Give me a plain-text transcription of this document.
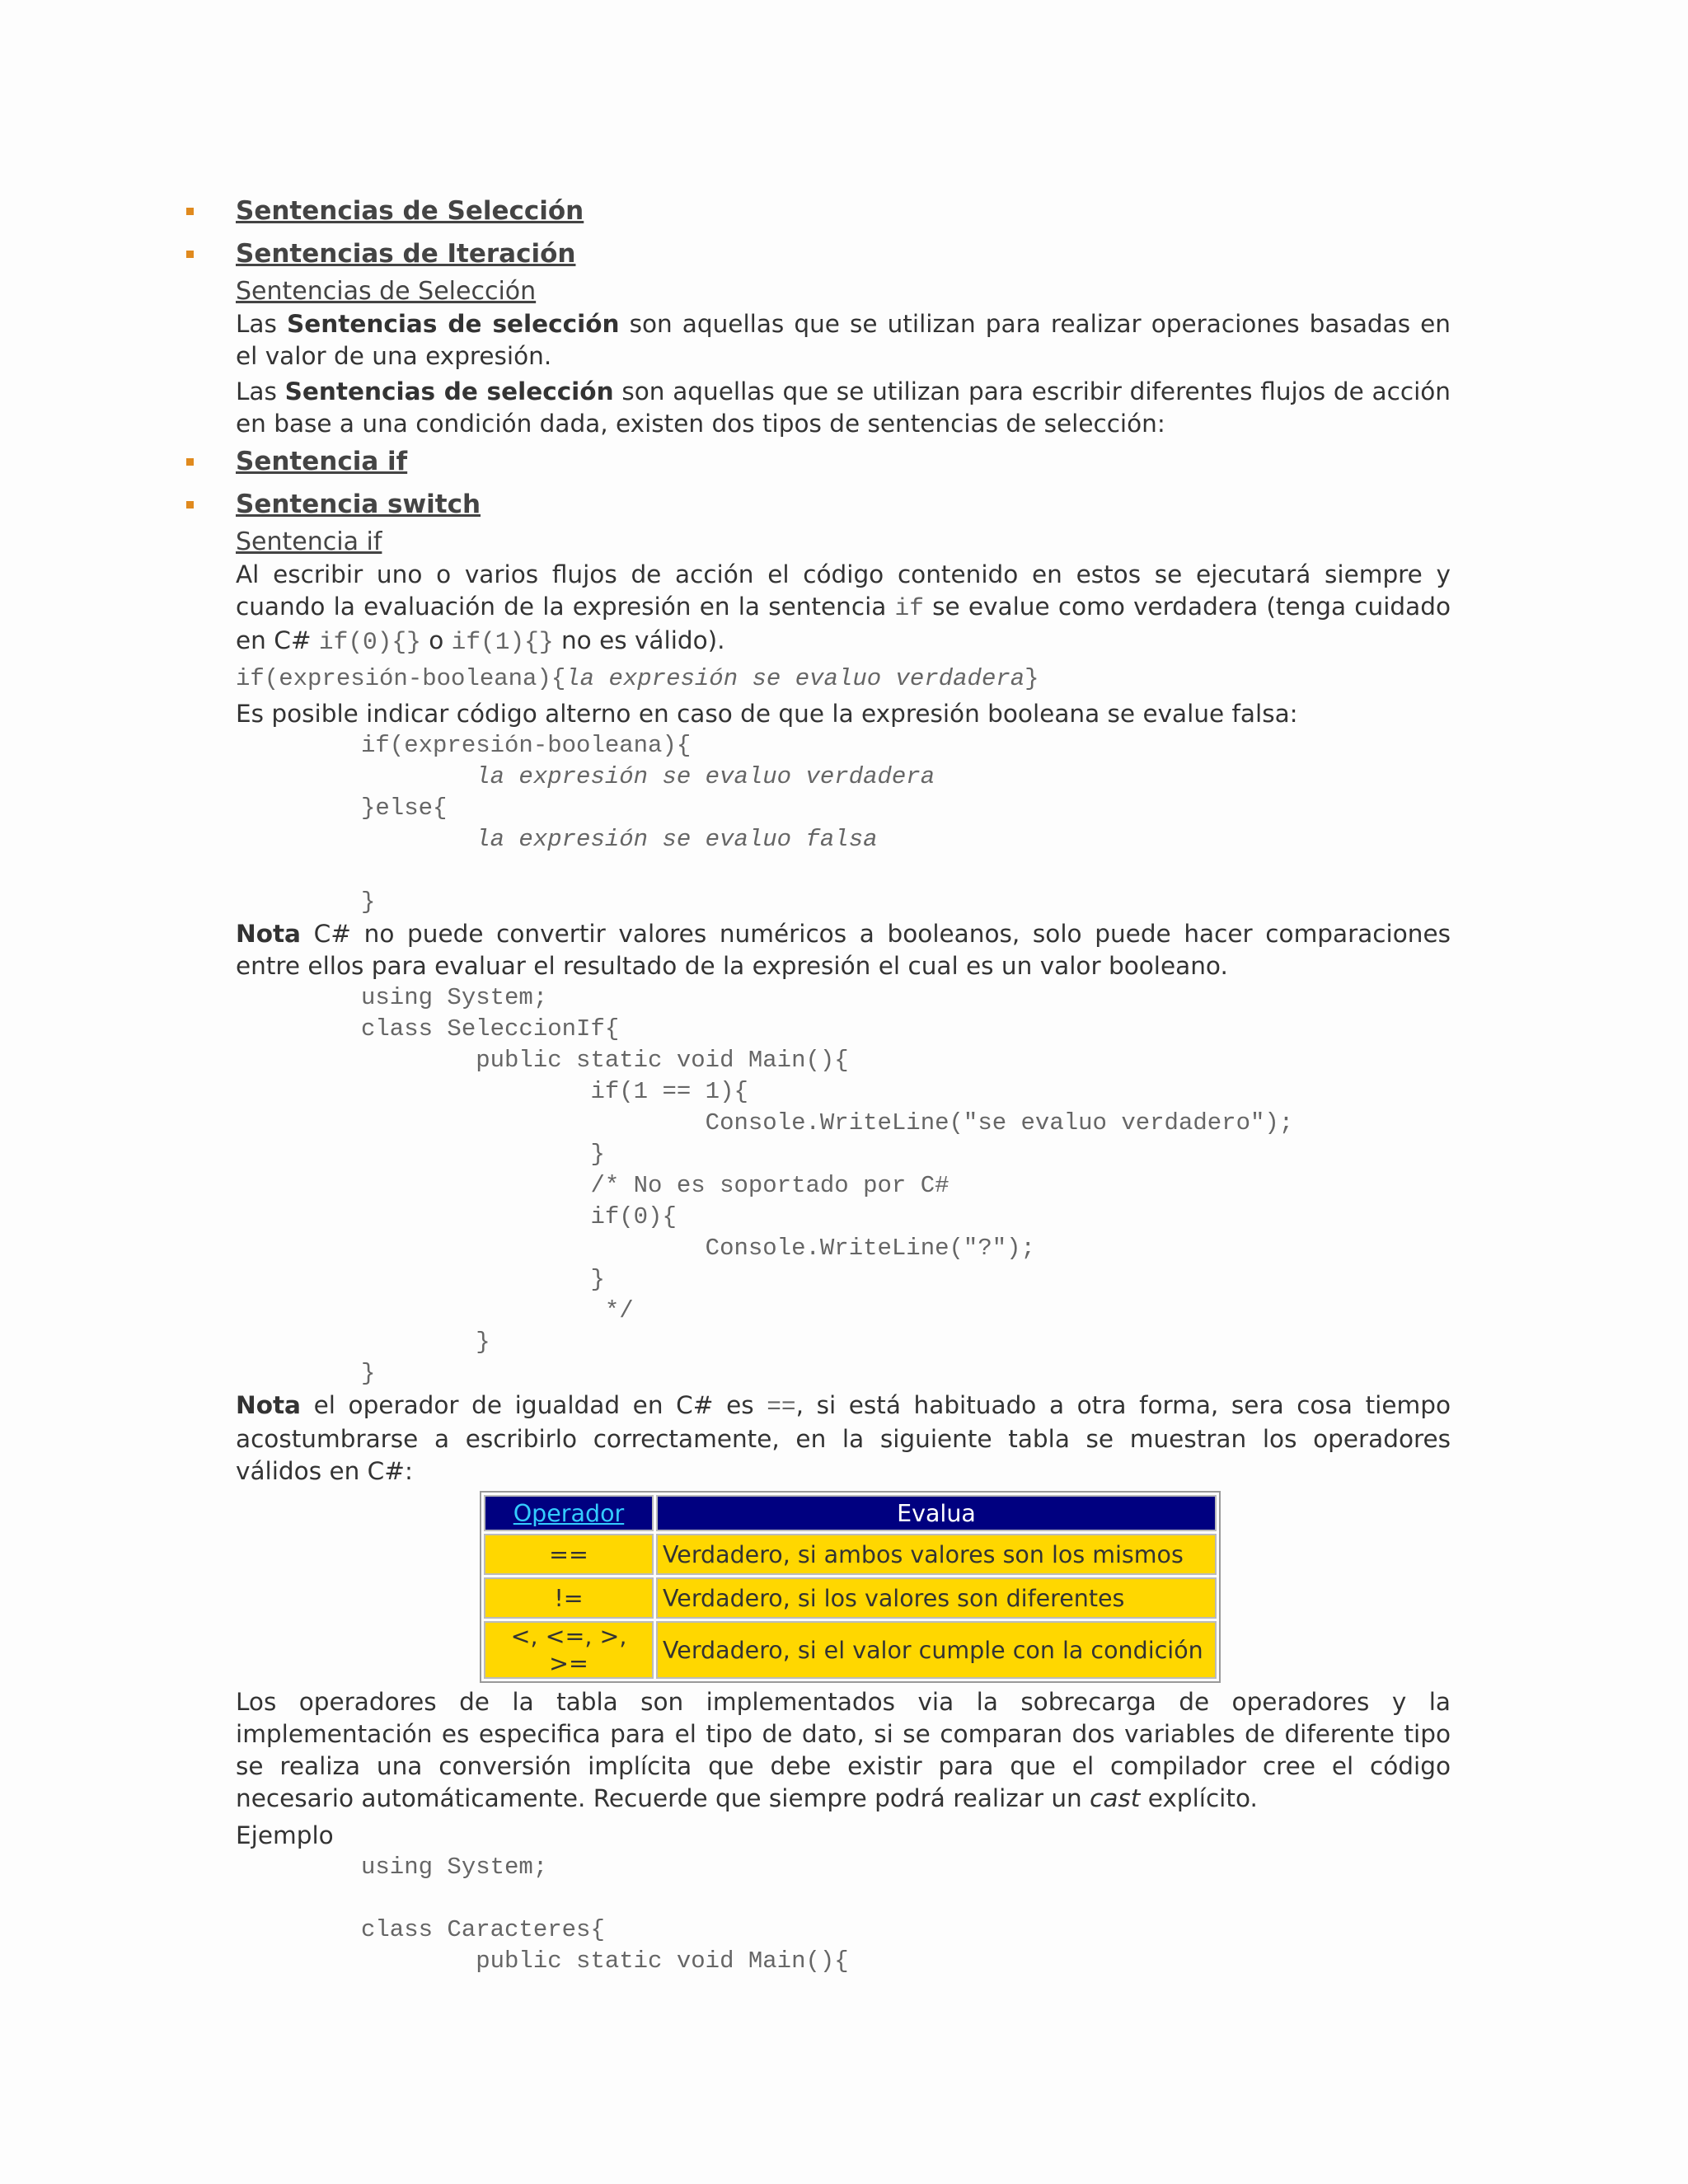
Sentencias de Selección
Sentencias de Iteración
Sentencias de Selección

Las Sentencias de selección son aquellas que se utilizan para realizar operaciones basadas en el valor de una expresión.

Las Sentencias de selección son aquellas que se utilizan para escribir diferentes flujos de acción en base a una condición dada, existen dos tipos de sentencias de selección:

Sentencia if
Sentencia switch
Sentencia if

Al escribir uno o varios flujos de acción el código contenido en estos se ejecutará siempre y cuando la evaluación de la expresión en la sentencia if se evalue como verdadera (tenga cuidado en C# if(0){} o if(1){} no es válido).

if(expresión-booleana){la expresión se evaluo verdadera}

Es posible indicar código alterno en caso de que la expresión booleana se evalue falsa:

if(expresión-booleana){
la expresión se evaluo verdadera
}else{
la expresión se evaluo falsa
}

Nota C# no puede convertir valores numéricos a booleanos, solo puede hacer comparaciones entre ellos para evaluar el resultado de la expresión el cual es un valor booleano.

using System;
class SeleccionIf{
public static void Main(){
if(1 == 1){
Console.WriteLine("se evaluo verdadero");
}
/* No es soportado por C#
if(0){
Console.WriteLine("?");
}
*/
}
}

Nota el operador de igualdad en C# es ==, si está habituado a otra forma, sera cosa tiempo acostumbrarse a escribirlo correctamente, en la siguiente tabla se muestran los operadores válidos en C#:

Operador	Evalua
==	Verdadero, si ambos valores son los mismos
!=	Verdadero, si los valores son diferentes
<, <=, >, >=	Verdadero, si el valor cumple con la condición

Los operadores de la tabla son implementados via la sobrecarga de operadores y la implementación es especifica para el tipo de dato, si se comparan dos variables de diferente tipo se realiza una conversión implícita que debe existir para que el compilador cree el código necesario automáticamente. Recuerde que siempre podrá realizar un cast explícito.

Ejemplo

using System;

class Caracteres{
public static void Main(){
